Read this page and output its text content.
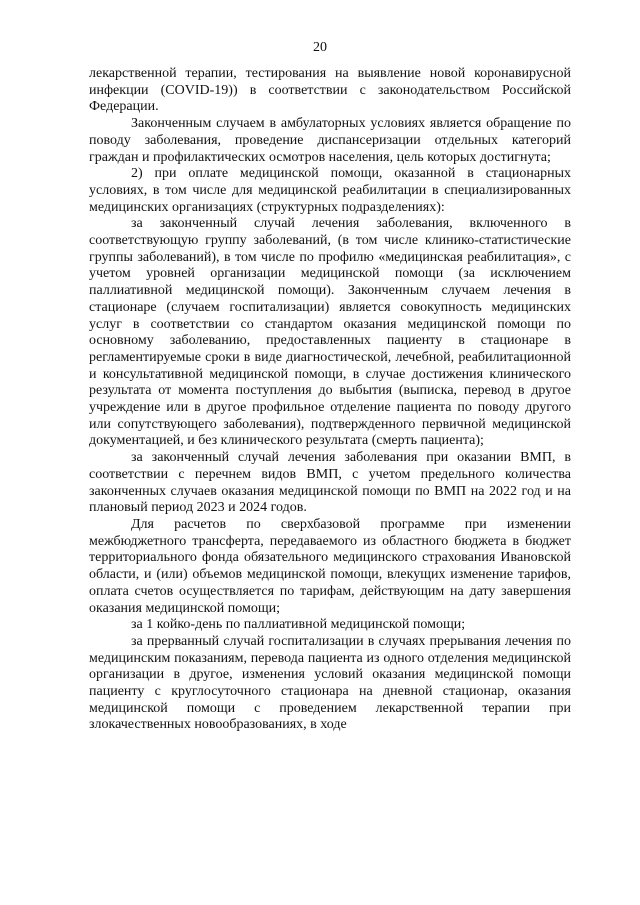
20

лекарственной терапии, тестирования на выявление новой коронавирусной инфекции (COVID-19)) в соответствии с законодательством Российской Федерации.

Законченным случаем в амбулаторных условиях является обращение по поводу заболевания, проведение диспансеризации отдельных категорий граждан и профилактических осмотров населения, цель которых достигнута;

2) при оплате медицинской помощи, оказанной в стационарных условиях, в том числе для медицинской реабилитации в специализированных медицинских организациях (структурных подразделениях):

за законченный случай лечения заболевания, включенного в соответствующую группу заболеваний, (в том числе клинико-статистические группы заболеваний), в том числе по профилю «медицинская реабилитация», с учетом уровней организации медицинской помощи (за исключением паллиативной медицинской помощи). Законченным случаем лечения в стационаре (случаем госпитализации) является совокупность медицинских услуг в соответствии со стандартом оказания медицинской помощи по основному заболеванию, предоставленных пациенту в стационаре в регламентируемые сроки в виде диагностической, лечебной, реабилитационной и консультативной медицинской помощи, в случае достижения клинического результата от момента поступления до выбытия (выписка, перевод в другое учреждение или в другое профильное отделение пациента по поводу другого или сопутствующего заболевания), подтвержденного первичной медицинской документацией, и без клинического результата (смерть пациента);

за законченный случай лечения заболевания при оказании ВМП, в соответствии с перечнем видов ВМП, с учетом предельного количества законченных случаев оказания медицинской помощи по ВМП на 2022 год и на плановый период 2023 и 2024 годов.

Для расчетов по сверхбазовой программе при изменении межбюджетного трансферта, передаваемого из областного бюджета в бюджет территориального фонда обязательного медицинского страхования Ивановской области, и (или) объемов медицинской помощи, влекущих изменение тарифов, оплата счетов осуществляется по тарифам, действующим на дату завершения оказания медицинской помощи;

за 1 койко-день по паллиативной медицинской помощи;

за прерванный случай госпитализации в случаях прерывания лечения по медицинским показаниям, перевода пациента из одного отделения медицинской организации в другое, изменения условий оказания медицинской помощи пациенту с круглосуточного стационара на дневной стационар, оказания медицинской помощи с проведением лекарственной терапии при злокачественных новообразованиях, в ходе
